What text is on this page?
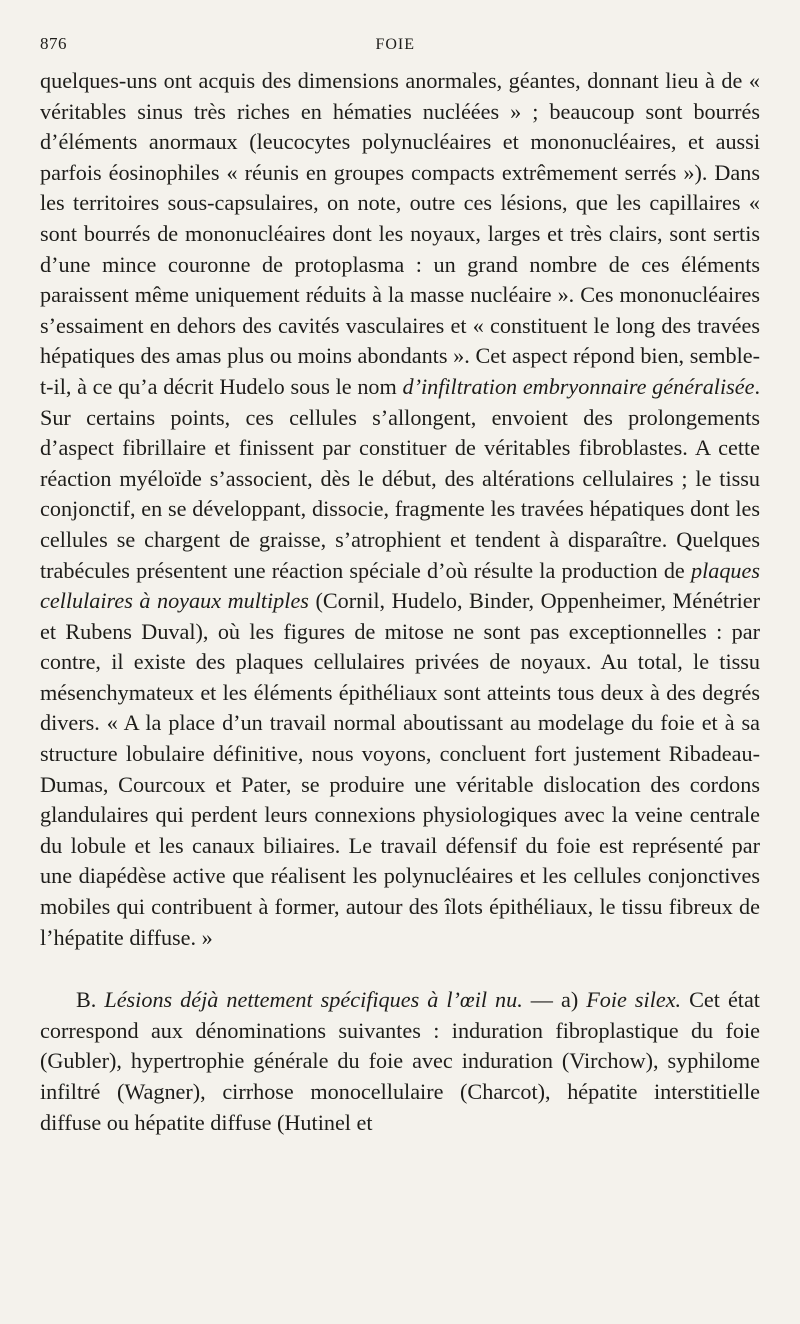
876	FOIE

quelques-uns ont acquis des dimensions anormales, géantes, donnant lieu à de « véritables sinus très riches en hématies nucléées » ; beaucoup sont bourrés d’éléments anormaux (leucocytes polynucléaires et mononucléaires, et aussi parfois éosinophiles « réunis en groupes compacts extrêmement serrés »). Dans les territoires sous-capsulaires, on note, outre ces lésions, que les capillaires « sont bourrés de mononucléaires dont les noyaux, larges et très clairs, sont sertis d’une mince couronne de protoplasma : un grand nombre de ces éléments paraissent même uniquement réduits à la masse nucléaire ». Ces mononucléaires s’essaiment en dehors des cavités vasculaires et « constituent le long des travées hépatiques des amas plus ou moins abondants ». Cet aspect répond bien, semble-t-il, à ce qu’a décrit Hudelo sous le nom d’infiltration embryonnaire généralisée. Sur certains points, ces cellules s’allongent, envoient des prolongements d’aspect fibrillaire et finissent par constituer de véritables fibroblastes. A cette réaction myéloïde s’associent, dès le début, des altérations cellulaires ; le tissu conjonctif, en se développant, dissocie, fragmente les travées hépatiques dont les cellules se chargent de graisse, s’atrophient et tendent à disparaître. Quelques trabécules présentent une réaction spéciale d’où résulte la production de plaques cellulaires à noyaux multiples (Cornil, Hudelo, Binder, Oppenheimer, Ménétrier et Rubens Duval), où les figures de mitose ne sont pas exceptionnelles : par contre, il existe des plaques cellulaires privées de noyaux. Au total, le tissu mésenchymateux et les éléments épithéliaux sont atteints tous deux à des degrés divers. « A la place d’un travail normal aboutissant au modelage du foie et à sa structure lobulaire définitive, nous voyons, concluent fort justement Ribadeau-Dumas, Courcoux et Pater, se produire une véritable dislocation des cordons glandulaires qui perdent leurs connexions physiologiques avec la veine centrale du lobule et les canaux biliaires. Le travail défensif du foie est représenté par une diapédèse active que réalisent les polynucléaires et les cellules conjonctives mobiles qui contribuent à former, autour des îlots épithéliaux, le tissu fibreux de l’hépatite diffuse. »

B. Lésions déjà nettement spécifiques à l’œil nu. — a) Foie silex. Cet état correspond aux dénominations suivantes : induration fibroplastique du foie (Gubler), hypertrophie générale du foie avec induration (Virchow), syphilome infiltré (Wagner), cirrhose monocellulaire (Charcot), hépatite interstitielle diffuse ou hépatite diffuse (Hutinel et
